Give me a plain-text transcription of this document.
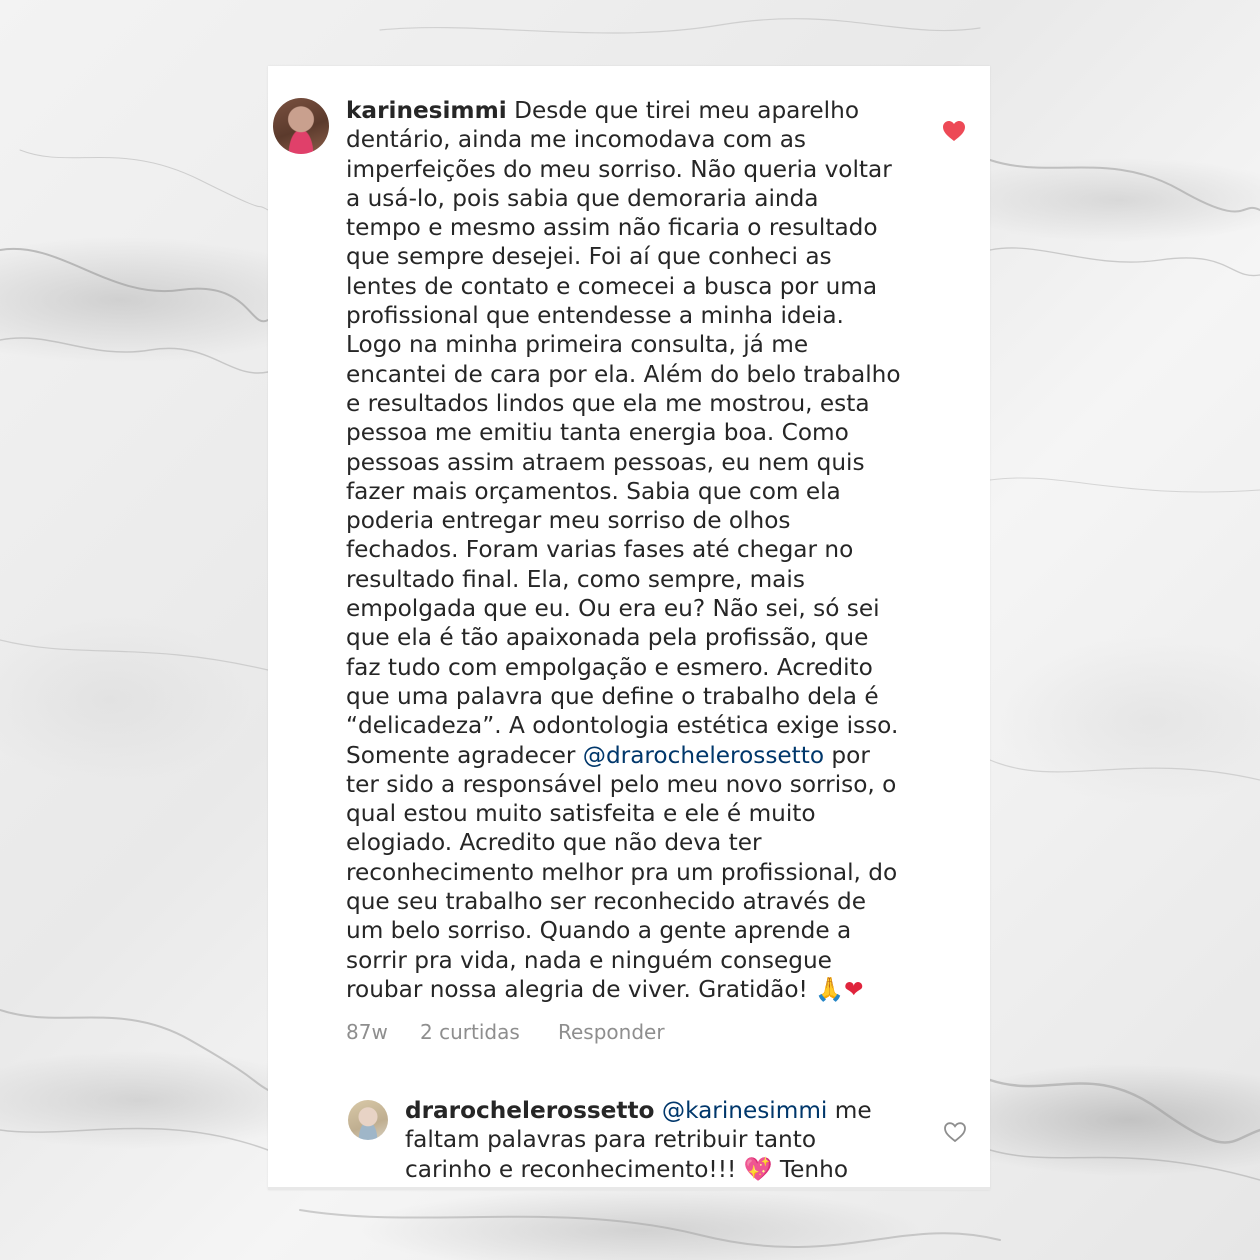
karinesimmi Desde que tirei meu aparelho
dentário, ainda me incomodava com as
imperfeições do meu sorriso. Não queria voltar
a usá-lo, pois sabia que demoraria ainda
tempo e mesmo assim não ficaria o resultado
que sempre desejei. Foi aí que conheci as
lentes de contato e comecei a busca por uma
profissional que entendesse a minha ideia.
Logo na minha primeira consulta, já me
encantei de cara por ela. Além do belo trabalho
e resultados lindos que ela me mostrou, esta
pessoa me emitiu tanta energia boa. Como
pessoas assim atraem pessoas, eu nem quis
fazer mais orçamentos. Sabia que com ela
poderia entregar meu sorriso de olhos
fechados. Foram varias fases até chegar no
resultado final. Ela, como sempre, mais
empolgada que eu. Ou era eu? Não sei, só sei
que ela é tão apaixonada pela profissão, que
faz tudo com empolgação e esmero. Acredito
que uma palavra que define o trabalho dela é
“delicadeza”. A odontologia estética exige isso.
Somente agradecer @drarochelerossetto por
ter sido a responsável pelo meu novo sorriso, o
qual estou muito satisfeita e ele é muito
elogiado. Acredito que não deva ter
reconhecimento melhor pra um profissional, do
que seu trabalho ser reconhecido através de
um belo sorriso. Quando a gente aprende a
sorrir pra vida, nada e ninguém consegue
roubar nossa alegria de viver. Gratidão! 🙏❤

87w	2 curtidas	Responder

drarochelerossetto @karinesimmi me
faltam palavras para retribuir tanto
carinho e reconhecimento!!! 💖 Tenho
